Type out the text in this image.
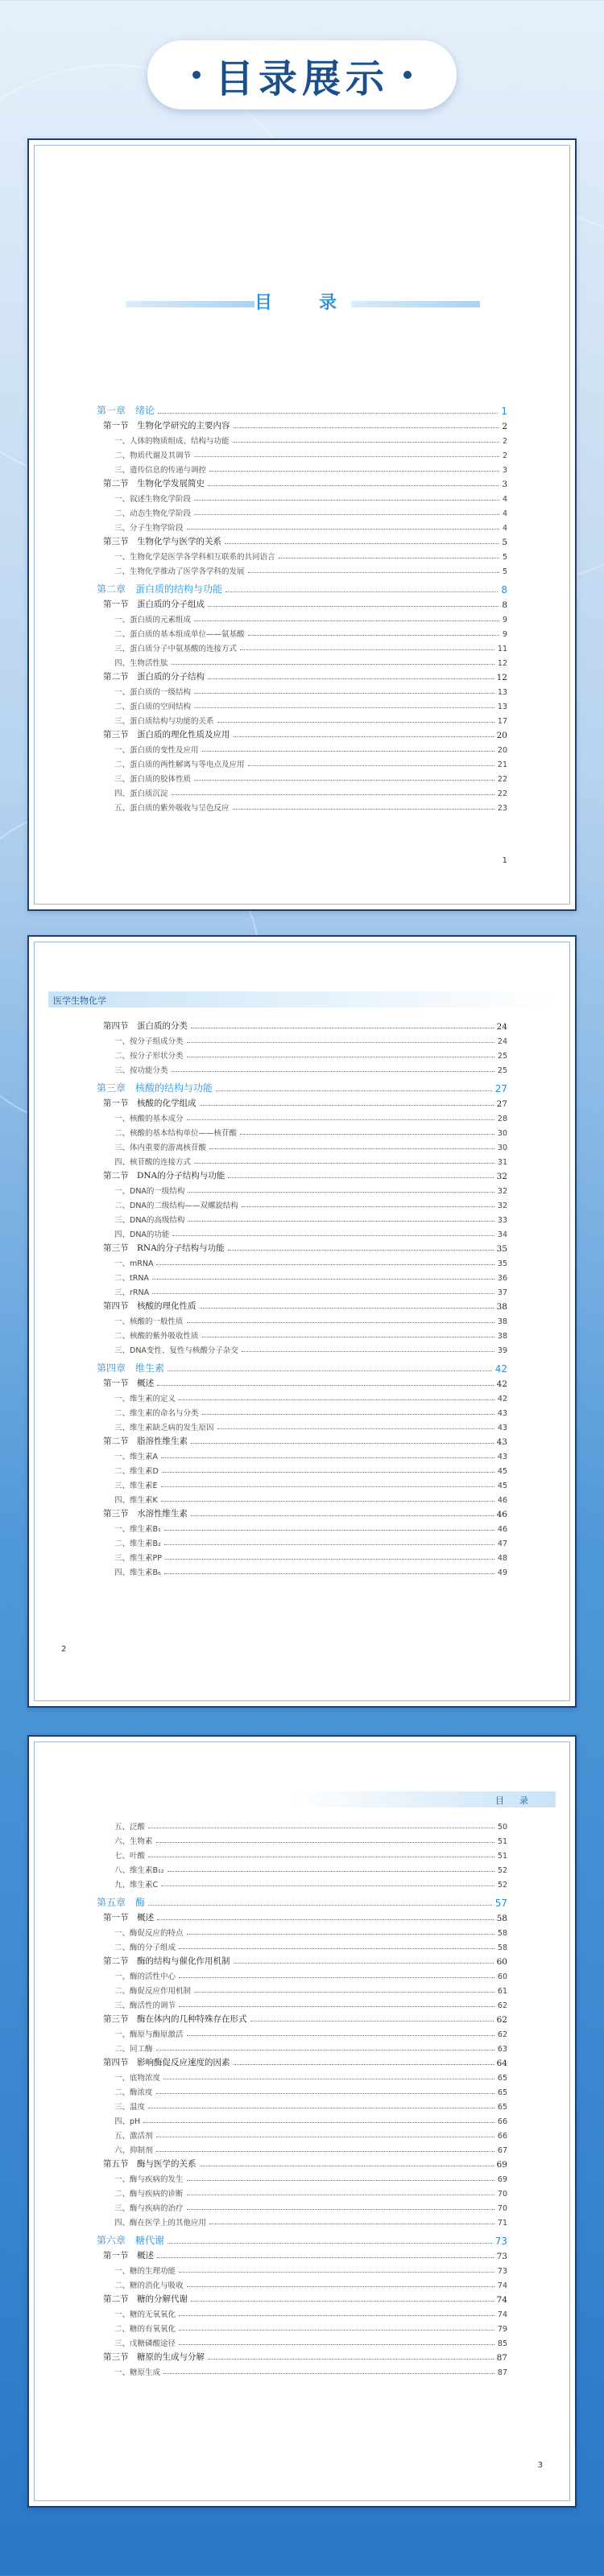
目录展示
目　录
第一章　绪论	1
第一节　生物化学研究的主要内容	2
一、人体的物质组成、结构与功能	2
二、物质代谢及其调节	2
三、遗传信息的传递与调控	3
第二节　生物化学发展简史	3
一、叙述生物化学阶段	4
二、动态生物化学阶段	4
三、分子生物学阶段	4
第三节　生物化学与医学的关系	5
一、生物化学是医学各学科相互联系的共同语言	5
二、生物化学推动了医学各学科的发展	5
第二章　蛋白质的结构与功能	8
第一节　蛋白质的分子组成	8
一、蛋白质的元素组成	9
二、蛋白质的基本组成单位——氨基酸	9
三、蛋白质分子中氨基酸的连接方式	11
四、生物活性肽	12
第二节　蛋白质的分子结构	12
一、蛋白质的一级结构	13
二、蛋白质的空间结构	13
三、蛋白质结构与功能的关系	17
第三节　蛋白质的理化性质及应用	20
一、蛋白质的变性及应用	20
二、蛋白质的两性解离与等电点及应用	21
三、蛋白质的胶体性质	22
四、蛋白质沉淀	22
五、蛋白质的紫外吸收与呈色反应	23
1
医学生物化学
第四节　蛋白质的分类	24
一、按分子组成分类	24
二、按分子形状分类	25
三、按功能分类	25
第三章　核酸的结构与功能	27
第一节　核酸的化学组成	27
一、核酸的基本成分	28
二、核酸的基本结构单位——核苷酸	30
三、体内重要的游离核苷酸	30
四、核苷酸的连接方式	31
第二节　DNA的分子结构与功能	32
一、DNA的一级结构	32
二、DNA的二级结构——双螺旋结构	32
三、DNA的高级结构	33
四、DNA的功能	34
第三节　RNA的分子结构与功能	35
一、mRNA	35
二、tRNA	36
三、rRNA	37
第四节　核酸的理化性质	38
一、核酸的一般性质	38
二、核酸的紫外吸收性质	38
三、DNA变性、复性与核酸分子杂交	39
第四章　维生素	42
第一节　概述	42
一、维生素的定义	42
二、维生素的命名与分类	43
三、维生素缺乏病的发生原因	43
第二节　脂溶性维生素	43
一、维生素A	43
二、维生素D	45
三、维生素E	45
四、维生素K	46
第三节　水溶性维生素	46
一、维生素B₁	46
二、维生素B₂	47
三、维生素PP	48
四、维生素B₆	49
2
目　录
五、泛酸	50
六、生物素	51
七、叶酸	51
八、维生素B₁₂	52
九、维生素C	52
第五章　酶	57
第一节　概述	58
一、酶促反应的特点	58
二、酶的分子组成	58
第二节　酶的结构与催化作用机制	60
一、酶的活性中心	60
二、酶促反应作用机制	61
三、酶活性的调节	62
第三节　酶在体内的几种特殊存在形式	62
一、酶原与酶原激活	62
二、同工酶	63
第四节　影响酶促反应速度的因素	64
一、底物浓度	65
二、酶浓度	65
三、温度	65
四、pH	66
五、激活剂	66
六、抑制剂	67
第五节　酶与医学的关系	69
一、酶与疾病的发生	69
二、酶与疾病的诊断	70
三、酶与疾病的治疗	70
四、酶在医学上的其他应用	71
第六章　糖代谢	73
第一节　概述	73
一、糖的生理功能	73
二、糖的消化与吸收	74
第二节　糖的分解代谢	74
一、糖的无氧氧化	74
二、糖的有氧氧化	79
三、戊糖磷酸途径	85
第三节　糖原的生成与分解	87
一、糖原生成	87
3
